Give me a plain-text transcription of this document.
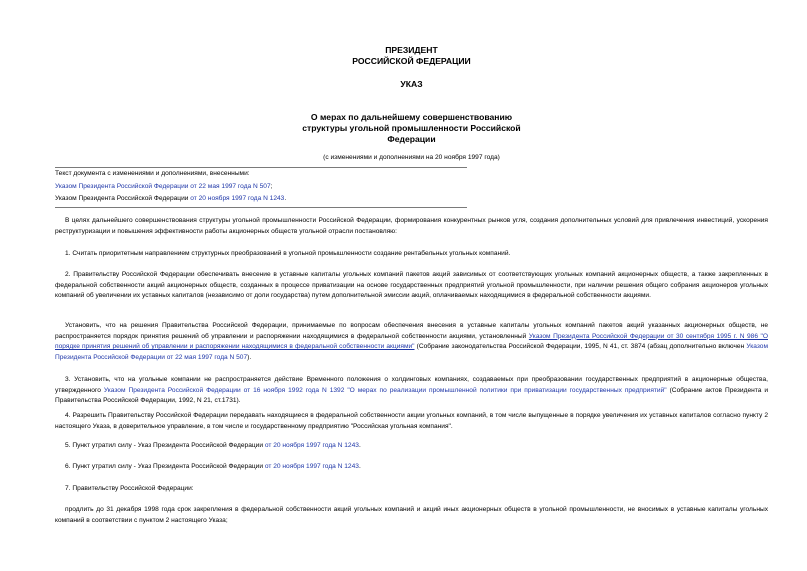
ПРЕЗИДЕНТ
РОССИЙСКОЙ ФЕДЕРАЦИИ
УКАЗ
О мерах по дальнейшему совершенствованию
структуры угольной промышленности Российской
Федерации
(с изменениями и дополнениями на 20 ноября 1997 года)
Текст документа с изменениями и дополнениями, внесенными:
Указом Президента Российской Федерации от 22 мая 1997 года N 507;
Указом Президента Российской Федерации от 20 ноября 1997 года N 1243.
В целях дальнейшего совершенствования структуры угольной промышленности Российской Федерации, формирования конкурентных рынков угля, создания дополнительных условий для привлечения инвестиций, ускорения реструктуризации и повышения эффективности работы акционерных обществ угольной отрасли постановляю:
1. Считать приоритетным направлением структурных преобразований в угольной промышленности создание рентабельных угольных компаний.
2. Правительству Российской Федерации обеспечивать внесение в уставные капиталы угольных компаний пакетов акций зависимых от соответствующих угольных компаний акционерных обществ, а также закрепленных в федеральной собственности акций акционерных обществ, созданных в процессе приватизации на основе государственных предприятий угольной промышленности, при наличии решения общего собрания акционеров угольных компаний об увеличении их уставных капиталов (независимо от доли государства) путем дополнительной эмиссии акций, оплачиваемых находящимися в федеральной собственности акциями.
Установить, что на решения Правительства Российской Федерации, принимаемые по вопросам обеспечения внесения в уставные капиталы угольных компаний пакетов акций указанных акционерных обществ, не распространяется порядок принятия решений об управлении и распоряжении находящимися в федеральной собственности акциями, установленный Указом Президента Российской Федерации от 30 сентября 1995 г. N 986 "О порядке принятия решений об управлении и распоряжении находящимися в федеральной собственности акциями" (Собрание законодательства Российской Федерации, 1995, N 41, ст. 3874 (абзац дополнительно включен Указом Президента Российской Федерации от 22 мая 1997 года N 507).
3. Установить, что на угольные компании не распространяется действие Временного положения о холдинговых компаниях, создаваемых при преобразовании государственных предприятий в акционерные общества, утвержденного Указом Президента Российской Федерации от 16 ноября 1992 года N 1392 "О мерах по реализации промышленной политики при приватизации государственных предприятий" (Собрание актов Президента и Правительства Российской Федерации, 1992, N 21, ст.1731).
4. Разрешить Правительству Российской Федерации передавать находящиеся в федеральной собственности акции угольных компаний, в том числе выпущенные в порядке увеличения их уставных капиталов согласно пункту 2 настоящего Указа, в доверительное управление, в том числе и государственному предприятию "Российская угольная компания".
5. Пункт утратил силу - Указ Президента Российской Федерации от 20 ноября 1997 года N 1243.
6. Пункт утратил силу - Указ Президента Российской Федерации от 20 ноября 1997 года N 1243.
7. Правительству Российской Федерации:
продлить до 31 декабря 1998 года срок закрепления в федеральной собственности акций угольных компаний и акций иных акционерных обществ в угольной промышленности, не вносимых в уставные капиталы угольных компаний в соответствии с пунктом 2 настоящего Указа;
